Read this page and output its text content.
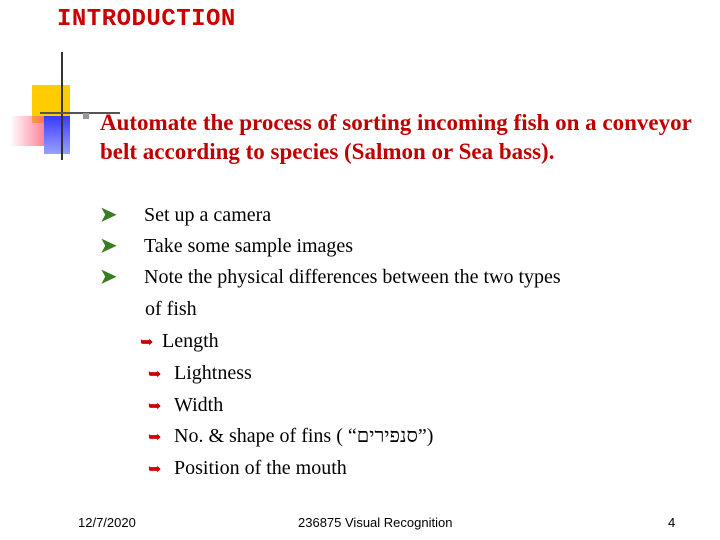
INTRODUCTION
Automate the process of sorting incoming fish on a conveyor belt according to species (Salmon or Sea bass).
➤ Set up a camera
➤ Take some sample images
➤ Note the physical differences between the two types
of fish
➥ Length
➥ Lightness
➥ Width
➥ No. & shape of fins ( “סנפירים”)
➥ Position of the mouth
12/7/2020	236875 Visual Recognition	4
